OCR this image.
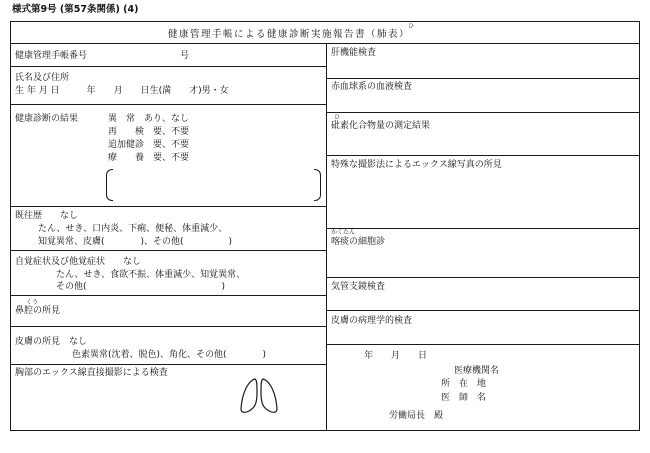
様式第9号 (第57条関係) (4)
ひ
健康管理手帳による健康診断実施報告書（肺表）
健康管理手帳番号	号
氏名及び住所
生 年 月 日　　　年　　月　　日生(満　　才)男・女
健康診断の結果	異　常　あり、なし
再　　検　要、不要
追加健診　要、不要
療　　養　要、不要
既往歴　　なし
たん、せき、口内炎、下痢、便秘、体重減少、
知覚異常、皮膚(　　　　)、その他(　　　　　)
自覚症状及び他覚症状　　なし
たん、せき、食欲不振、体重減少、知覚異常、
その他(　　　　　　　　　　　　　　　)
くう
鼻腔の所見
皮膚の所見　なし
色素異常(沈着、脱色)、角化、その他(　　　　)
胸部のエックス線直接撮影による検査
肝機能検査
赤血球系の血液検査
ひ
砒素化合物量の測定結果
特殊な撮影法によるエックス線写真の所見
かくたん
喀痰の細胞診
気管支鏡検査
皮膚の病理学的検査
年　　月　　日
医療機関名
所　在　地
医　師　名
労働局長　殿
